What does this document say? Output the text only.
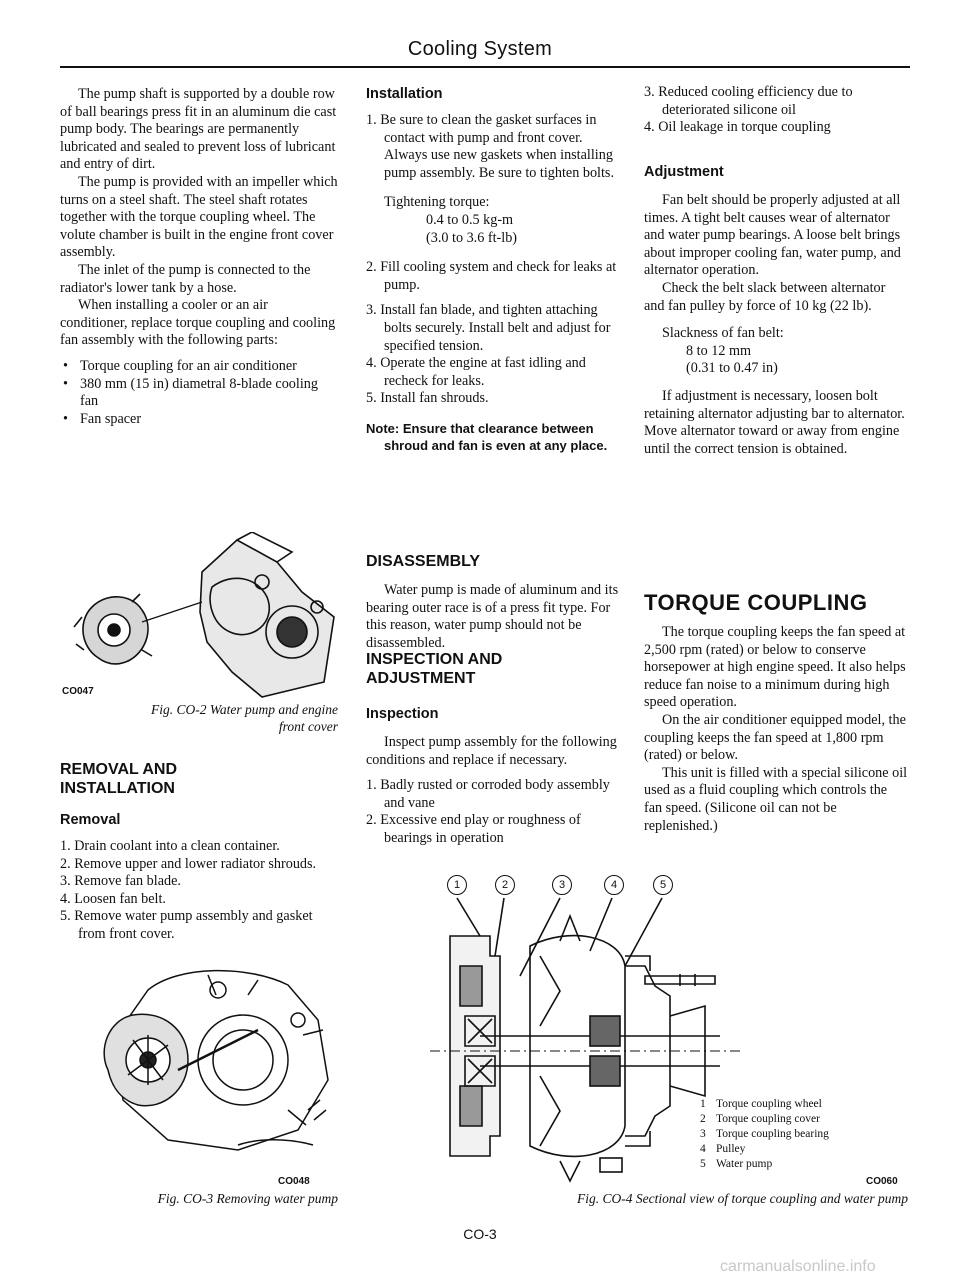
Cooling System

The pump shaft is supported by a double row of ball bearings press fit in an aluminum die cast pump body. The bearings are permanently lubricated and sealed to prevent loss of lubricant and entry of dirt.

The pump is provided with an impeller which turns on a steel shaft. The steel shaft rotates together with the torque coupling wheel. The volute chamber is built in the engine front cover assembly.

The inlet of the pump is connected to the radiator's lower tank by a hose.

When installing a cooler or an air conditioner, replace torque coupling and cooling fan assembly with the following parts:

• Torque coupling for an air conditioner

• 380 mm (15 in) diametral 8-blade cooling fan

• Fan spacer

CO047
Fig. CO-2 Water pump and engine
front cover
REMOVAL AND
INSTALLATION
Removal

1. Drain coolant into a clean container.

2. Remove upper and lower radiator shrouds.

3. Remove fan blade.

4. Loosen fan belt.

5. Remove water pump assembly and gasket from front cover.

CO048
Fig. CO-3 Removing water pump
Installation

1. Be sure to clean the gasket surfaces in contact with pump and front cover. Always use new gaskets when installing pump assembly. Be sure to tighten bolts.

Tightening torque:

0.4 to 0.5 kg-m

(3.0 to 3.6 ft-lb)

2. Fill cooling system and check for leaks at pump.

3. Install fan blade, and tighten attaching bolts securely. Install belt and adjust for specified tension.

4. Operate the engine at fast idling and recheck for leaks.

5. Install fan shrouds.

Note: Ensure that clearance between shroud and fan is even at any place.

DISASSEMBLY
Water pump is made of aluminum and its bearing outer race is of a press fit type. For this reason, water pump should not be disassembled.
INSPECTION AND
ADJUSTMENT
Inspection

Inspect pump assembly for the following conditions and replace if necessary.

1. Badly rusted or corroded body assembly and vane

2. Excessive end play or roughness of bearings in operation

3. Reduced cooling efficiency due to deteriorated silicone oil

4. Oil leakage in torque coupling

Adjustment

Fan belt should be properly adjusted at all times. A tight belt causes wear of alternator and water pump bearings. A loose belt brings about improper cooling fan, water pump, and alternator operation.

Check the belt slack between alternator and fan pulley by force of 10 kg (22 lb).

Slackness of fan belt:

8 to 12 mm

(0.31 to 0.47 in)

If adjustment is necessary, loosen bolt retaining alternator adjusting bar to alternator. Move alternator toward or away from engine until the correct tension is obtained.

TORQUE COUPLING

The torque coupling keeps the fan speed at 2,500 rpm (rated) or below to conserve horsepower at high engine speed. It also helps reduce fan noise to a minimum during high speed operation.

On the air conditioner equipped model, the coupling keeps the fan speed at 1,800 rpm (rated) or below.

This unit is filled with a special silicone oil used as a fluid coupling which controls the fan speed. (Silicone oil can not be replenished.)

1	2	3	4	5
1 Torque coupling wheel
2 Torque coupling cover
3 Torque coupling bearing
4 Pulley
5 Water pump
CO060
Fig. CO-4 Sectional view of torque coupling and water pump
CO-3
carmanualsonline.info
